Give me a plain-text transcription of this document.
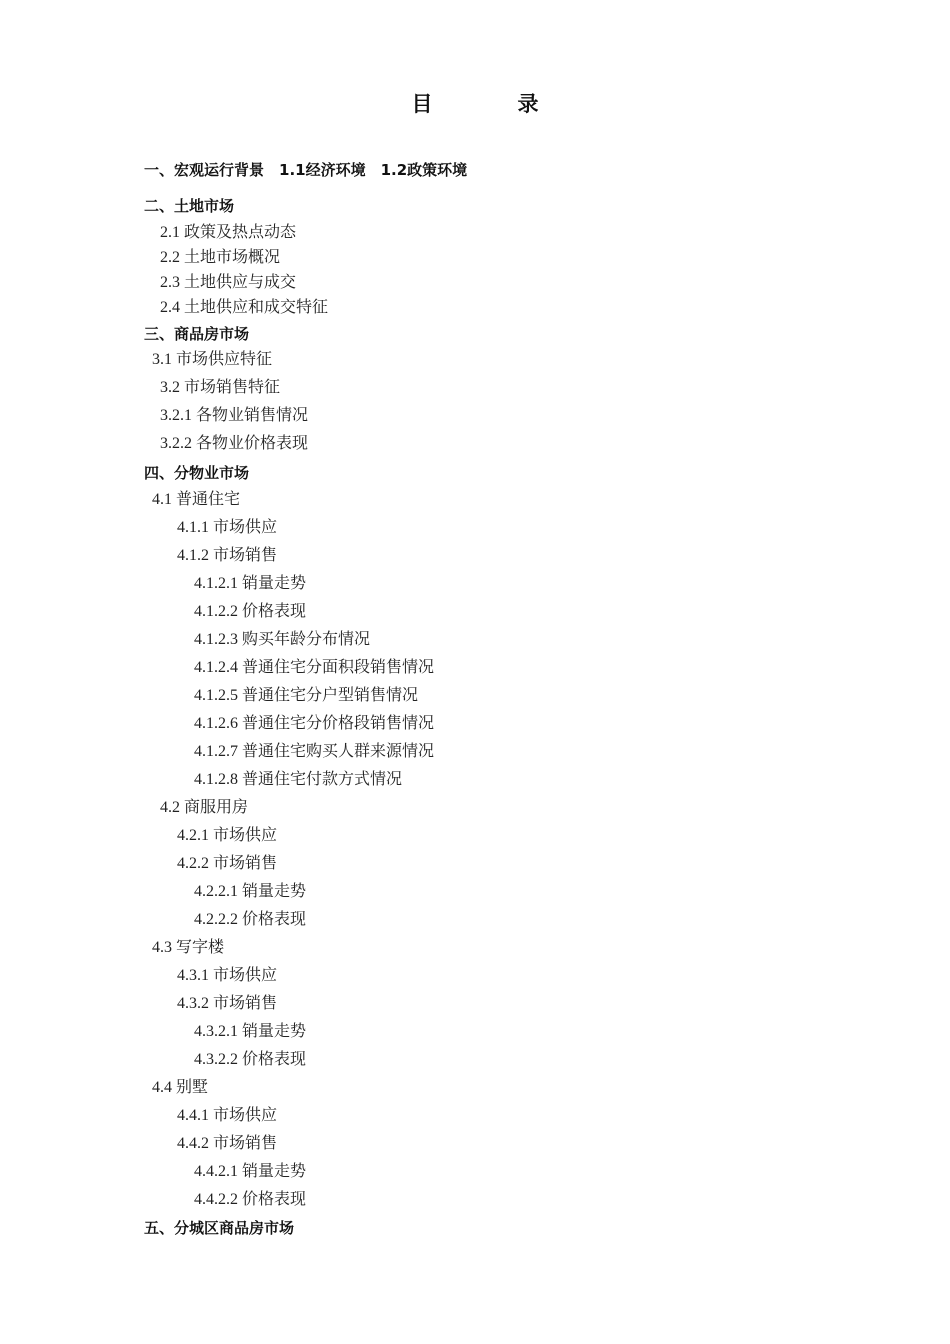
目　录
一、宏观运行背景　1.1经济环境　1.2政策环境
二、土地市场
2.1 政策及热点动态
2.2 土地市场概况
2.3 土地供应与成交
2.4 土地供应和成交特征
三、商品房市场
3.1 市场供应特征
3.2 市场销售特征
3.2.1 各物业销售情况
3.2.2 各物业价格表现
四、分物业市场
4.1 普通住宅
4.1.1 市场供应
4.1.2 市场销售
4.1.2.1 销量走势
4.1.2.2 价格表现
4.1.2.3 购买年龄分布情况
4.1.2.4 普通住宅分面积段销售情况
4.1.2.5 普通住宅分户型销售情况
4.1.2.6 普通住宅分价格段销售情况
4.1.2.7 普通住宅购买人群来源情况
4.1.2.8 普通住宅付款方式情况
4.2 商服用房
4.2.1 市场供应
4.2.2 市场销售
4.2.2.1 销量走势
4.2.2.2 价格表现
4.3 写字楼
4.3.1 市场供应
4.3.2 市场销售
4.3.2.1 销量走势
4.3.2.2 价格表现
4.4 别墅
4.4.1 市场供应
4.4.2 市场销售
4.4.2.1 销量走势
4.4.2.2 价格表现
五、分城区商品房市场
